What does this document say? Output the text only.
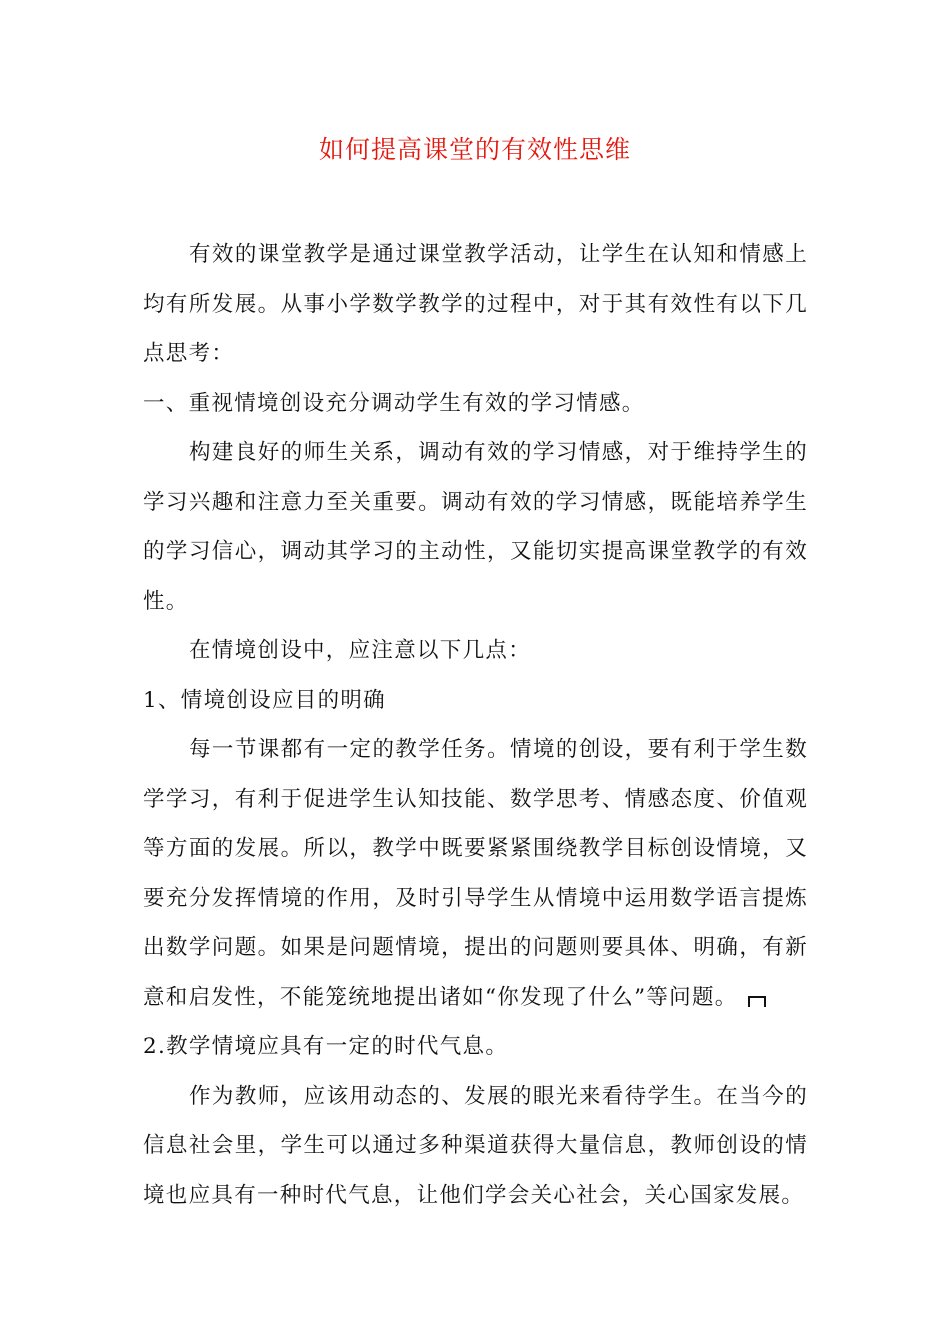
如何提高课堂的有效性思维

有效的课堂教学是通过课堂教学活动，让学生在认知和情感上均有所发展。从事小学数学教学的过程中，对于其有效性有以下几点思考：

一、重视情境创设充分调动学生有效的学习情感。

构建良好的师生关系，调动有效的学习情感，对于维持学生的学习兴趣和注意力至关重要。调动有效的学习情感，既能培养学生的学习信心，调动其学习的主动性，又能切实提高课堂教学的有效性。

在情境创设中，应注意以下几点：

1、情境创设应目的明确

每一节课都有一定的教学任务。情境的创设，要有利于学生数学学习，有利于促进学生认知技能、数学思考、情感态度、价值观等方面的发展。所以，教学中既要紧紧围绕教学目标创设情境，又要充分发挥情境的作用，及时引导学生从情境中运用数学语言提炼出数学问题。如果是问题情境，提出的问题则要具体、明确，有新意和启发性，不能笼统地提出诸如“你发现了什么”等问题。

2.教学情境应具有一定的时代气息。

作为教师，应该用动态的、发展的眼光来看待学生。在当今的信息社会里，学生可以通过多种渠道获得大量信息，教师创设的情境也应具有一种时代气息，让他们学会关心社会，关心国家发展。
